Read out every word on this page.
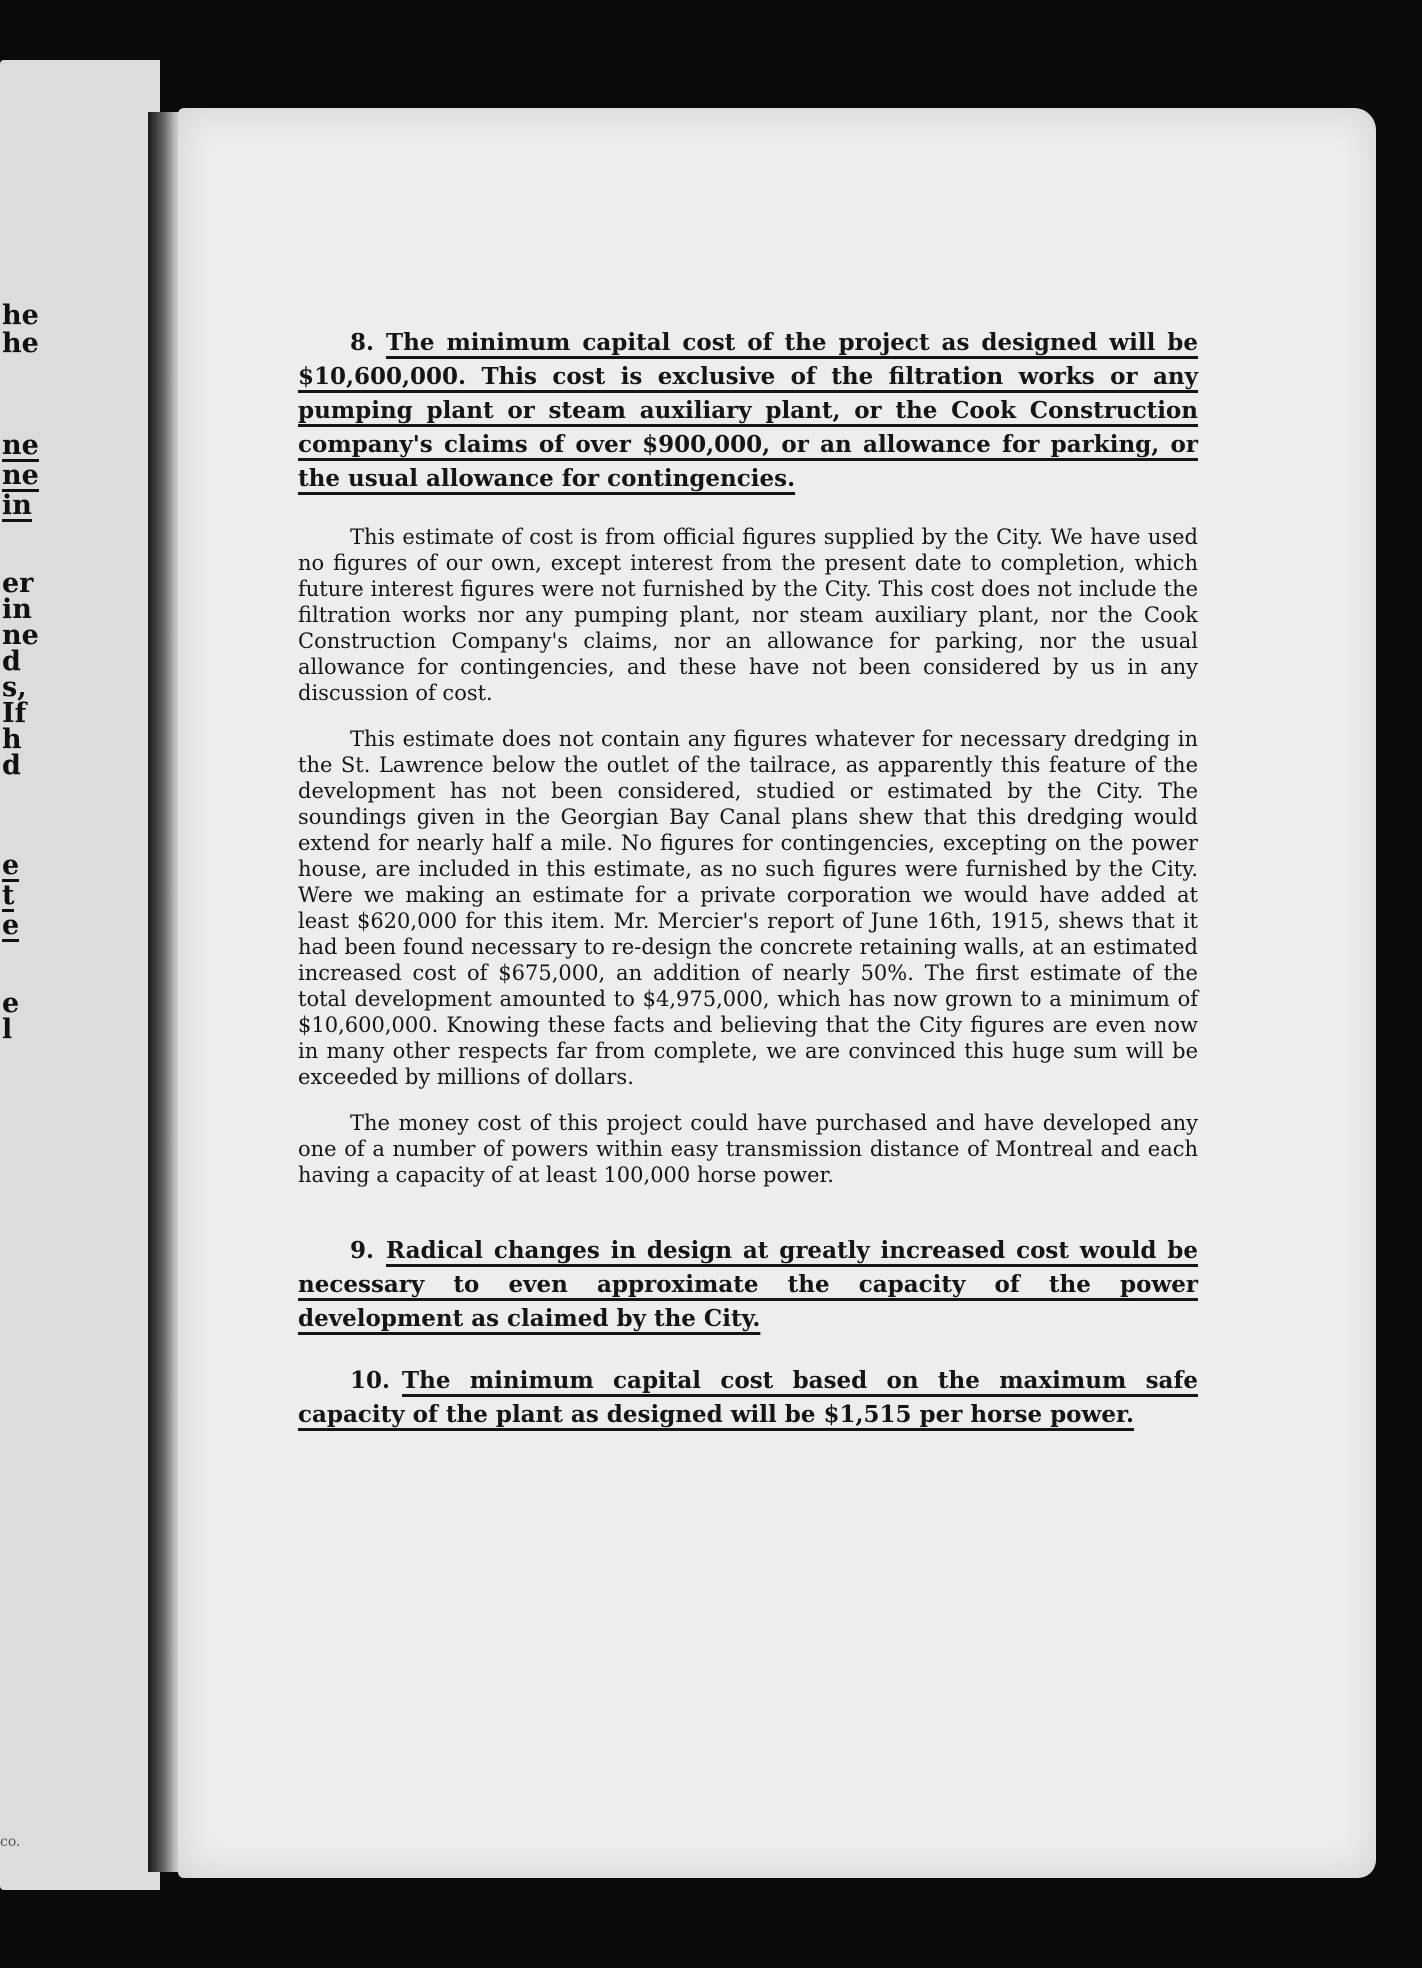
he
he
ne
ne
in
er
in
ne
d
s,
If
h
d
e
t
e
e
l
co.

8. The minimum capital cost of the project as designed will be $10,600,000. This cost is exclusive of the filtration works or any pumping plant or steam auxiliary plant, or the Cook Construction company's claims of over $900,000, or an allowance for parking, or the usual allowance for contingencies.

This estimate of cost is from official figures supplied by the City. We have used no figures of our own, except interest from the present date to completion, which future interest figures were not furnished by the City. This cost does not include the filtration works nor any pumping plant, nor steam auxiliary plant, nor the Cook Construction Company's claims, nor an allowance for parking, nor the usual allowance for contingencies, and these have not been considered by us in any discussion of cost.

This estimate does not contain any figures whatever for necessary dredging in the St. Lawrence below the outlet of the tailrace, as apparently this feature of the development has not been considered, studied or estimated by the City. The soundings given in the Georgian Bay Canal plans shew that this dredging would extend for nearly half a mile. No figures for contingencies, excepting on the power house, are included in this estimate, as no such figures were furnished by the City. Were we making an estimate for a private corporation we would have added at least $620,000 for this item. Mr. Mercier's report of June 16th, 1915, shews that it had been found necessary to re-design the concrete retaining walls, at an estimated increased cost of $675,000, an addition of nearly 50%. The first estimate of the total development amounted to $4,975,000, which has now grown to a minimum of $10,600,000. Knowing these facts and believing that the City figures are even now in many other respects far from complete, we are convinced this huge sum will be exceeded by millions of dollars.

The money cost of this project could have purchased and have developed any one of a number of powers within easy transmission distance of Montreal and each having a capacity of at least 100,000 horse power.

9. Radical changes in design at greatly increased cost would be necessary to even approximate the capacity of the power development as claimed by the City.

10. The minimum capital cost based on the maximum safe capacity of the plant as designed will be $1,515 per horse power.
